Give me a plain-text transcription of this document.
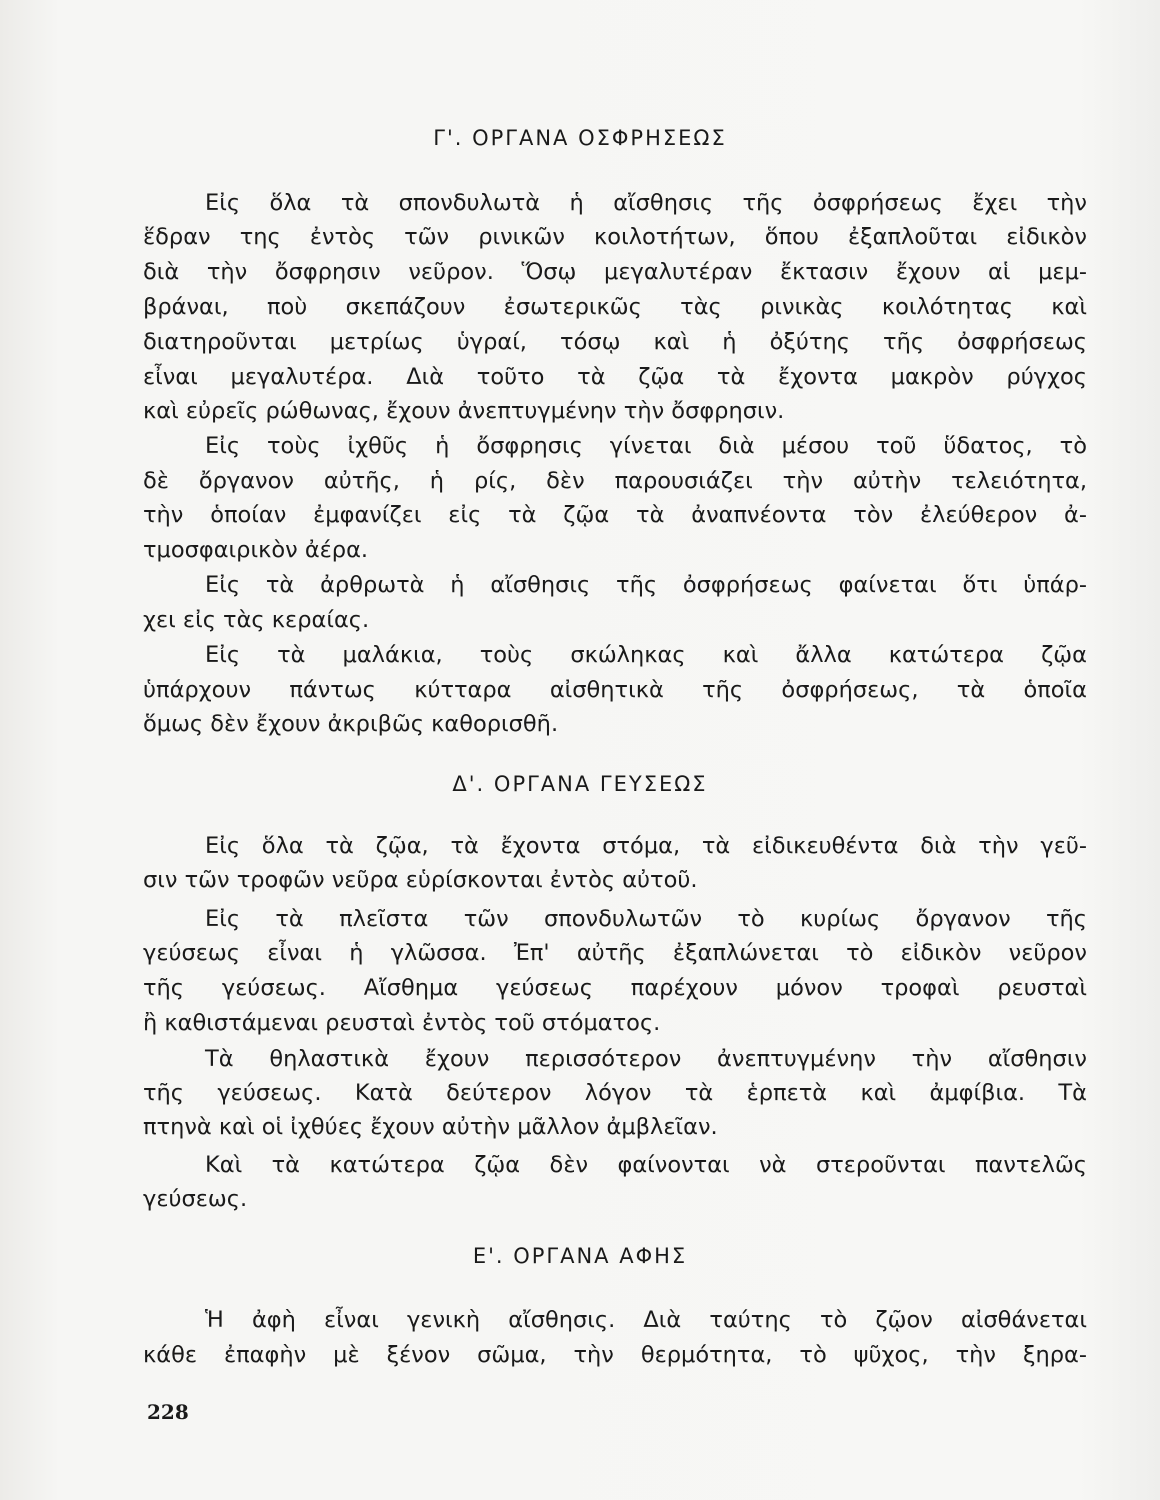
Γ'. ΟΡΓΑΝΑ ΟΣΦΡΗΣΕΩΣ

Εἰς ὅλα τὰ σπονδυλωτὰ ἡ αἴσθησις τῆς ὀσφρήσεως ἔχει τὴν

ἕδραν της ἐντὸς τῶν ρινικῶν κοιλοτήτων, ὅπου ἐξαπλοῦται εἰδικὸν

διὰ τὴν ὄσφρησιν νεῦρον. Ὅσῳ μεγαλυτέραν ἔκτασιν ἔχουν αἱ μεμ-

βράναι, ποὺ σκεπάζουν ἐσωτερικῶς τὰς ρινικὰς κοιλότητας καὶ

διατηροῦνται μετρίως ὑγραί, τόσῳ καὶ ἡ ὀξύτης τῆς ὀσφρήσεως

εἶναι μεγαλυτέρα. Διὰ τοῦτο τὰ ζῷα τὰ ἔχοντα μακρὸν ρύγχος

καὶ εὐρεῖς ρώθωνας, ἔχουν ἀνεπτυγμένην τὴν ὄσφρησιν.

Εἰς τοὺς ἰχθῦς ἡ ὄσφρησις γίνεται διὰ μέσου τοῦ ὕδατος, τὸ

δὲ ὄργανον αὐτῆς, ἡ ρίς, δὲν παρουσιάζει τὴν αὐτὴν τελειότητα,

τὴν ὁποίαν ἐμφανίζει εἰς τὰ ζῷα τὰ ἀναπνέοντα τὸν ἐλεύθερον ἀ-

τμοσφαιρικὸν ἀέρα.

Εἰς τὰ ἀρθρωτὰ ἡ αἴσθησις τῆς ὀσφρήσεως φαίνεται ὅτι ὑπάρ-

χει εἰς τὰς κεραίας.

Εἰς τὰ μαλάκια, τοὺς σκώληκας καὶ ἄλλα κατώτερα ζῷα

ὑπάρχουν πάντως κύτταρα αἰσθητικὰ τῆς ὀσφρήσεως, τὰ ὁποῖα

ὅμως δὲν ἔχουν ἀκριβῶς καθορισθῆ.

Δ'. ΟΡΓΑΝΑ ΓΕΥΣΕΩΣ

Εἰς ὅλα τὰ ζῷα, τὰ ἔχοντα στόμα, τὰ εἰδικευθέντα διὰ τὴν γεῦ-

σιν τῶν τροφῶν νεῦρα εὑρίσκονται ἐντὸς αὐτοῦ.

Εἰς τὰ πλεῖστα τῶν σπονδυλωτῶν τὸ κυρίως ὄργανον τῆς

γεύσεως εἶναι ἡ γλῶσσα. Ἐπ' αὐτῆς ἐξαπλώνεται τὸ εἰδικὸν νεῦρον

τῆς γεύσεως. Αἴσθημα γεύσεως παρέχουν μόνον τροφαὶ ρευσταὶ

ἢ καθιστάμεναι ρευσταὶ ἐντὸς τοῦ στόματος.

Τὰ θηλαστικὰ ἔχουν περισσότερον ἀνεπτυγμένην τὴν αἴσθησιν

τῆς γεύσεως. Κατὰ δεύτερον λόγον τὰ ἑρπετὰ καὶ ἀμφίβια. Τὰ

πτηνὰ καὶ οἱ ἰχθύες ἔχουν αὐτὴν μᾶλλον ἀμβλεῖαν.

Καὶ τὰ κατώτερα ζῷα δὲν φαίνονται νὰ στεροῦνται παντελῶς

γεύσεως.

Ε'. ΟΡΓΑΝΑ ΑΦΗΣ

Ἡ ἀφὴ εἶναι γενικὴ αἴσθησις. Διὰ ταύτης τὸ ζῷον αἰσθάνεται

κάθε ἐπαφὴν μὲ ξένον σῶμα, τὴν θερμότητα, τὸ ψῦχος, τὴν ξηρα-

228
